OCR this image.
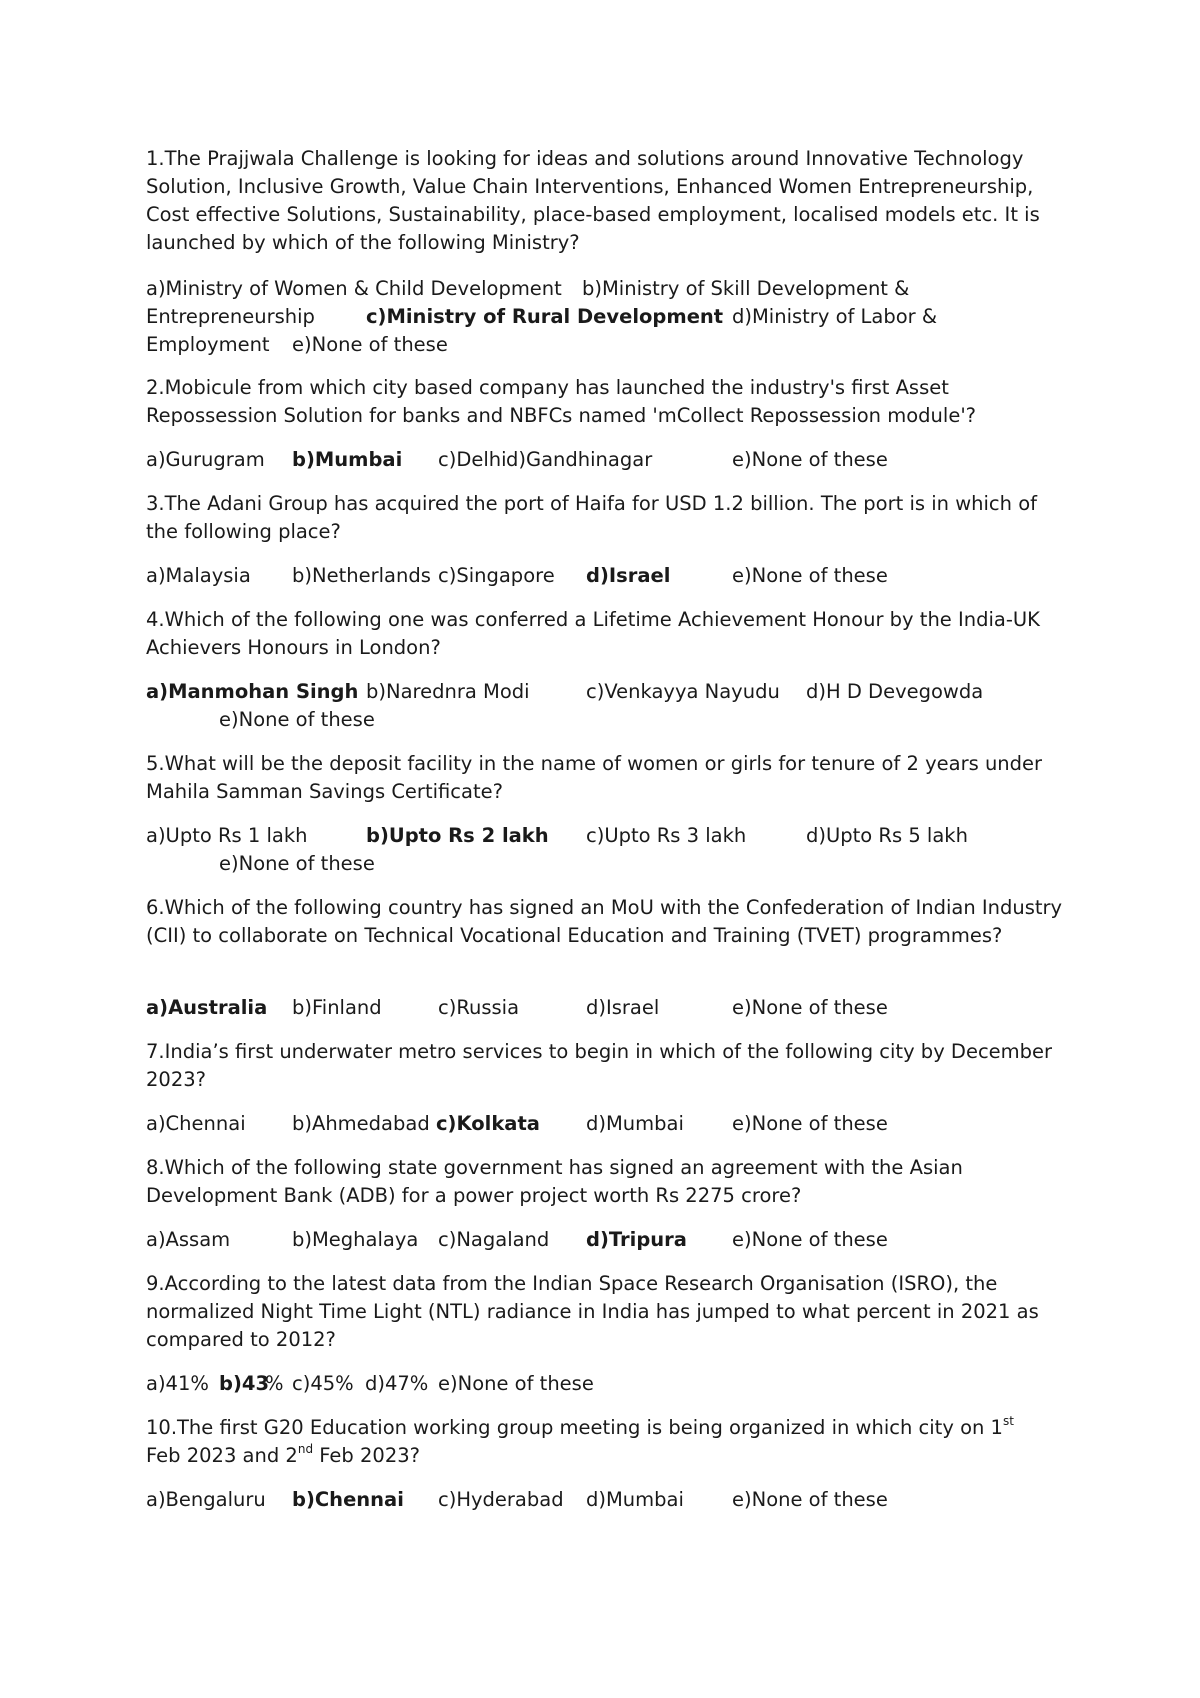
1.The Prajjwala Challenge is looking for ideas and solutions around Innovative Technology Solution, Inclusive Growth, Value Chain Interventions, Enhanced Women Entrepreneurship, Cost effective Solutions, Sustainability, place-based employment, localised models etc. It is launched by which of the following Ministry?

a)Ministry of Women & Child Development b)Ministry of Skill Development &
Entrepreneurship	c)Ministry of Rural Development d)Ministry of Labor &
Employment e)None of these

2.Mobicule from which city based company has launched the industry's first Asset Repossession Solution for banks and NBFCs named 'mCollect Repossession module'?

a)Gurugram b)Mumbai c)Delhi d)Gandhinagar	e)None of these

3.The Adani Group has acquired the port of Haifa for USD 1.2 billion. The port is in which of the following place?

a)Malaysia b)Netherlands c)Singapore d)Israel	e)None of these

4.Which of the following one was conferred a Lifetime Achievement Honour by the India-UK Achievers Honours in London?

a)Manmohan Singh b)Narednra Modi	c)Venkayya Nayudu d)H D Devegowda
e)None of these

5.What will be the deposit facility in the name of women or girls for tenure of 2 years under Mahila Samman Savings Certificate?

a)Upto Rs 1 lakh	b)Upto Rs 2 lakh c)Upto Rs 3 lakh	d)Upto Rs 5 lakh
e)None of these

6.Which of the following country has signed an MoU with the Confederation of Indian Industry (CII) to collaborate on Technical Vocational Education and Training (TVET) programmes?

a)Australia b)Finland	c)Russia	d)Israel	e)None of these

7.India’s first underwater metro services to begin in which of the following city by December 2023?

a)Chennai b)Ahmedabad c)Kolkata d)Mumbai e)None of these

8.Which of the following state government has signed an agreement with the Asian Development Bank (ADB) for a power project worth Rs 2275 crore?

a)Assam	b)Meghalaya c)Nagaland d)Tripura e)None of these

9.According to the latest data from the Indian Space Research Organisation (ISRO), the normalized Night Time Light (NTL) radiance in India has jumped to what percent in 2021 as compared to 2012?

a)41% b)43
% c)45% d)47% e)None of these

10.The first G20 Education working group meeting is being organized in which city on 1st
Feb 2023 and 2nd Feb 2023?

a)Bengaluru b)Chennai c)Hyderabad d)Mumbai e)None of these
